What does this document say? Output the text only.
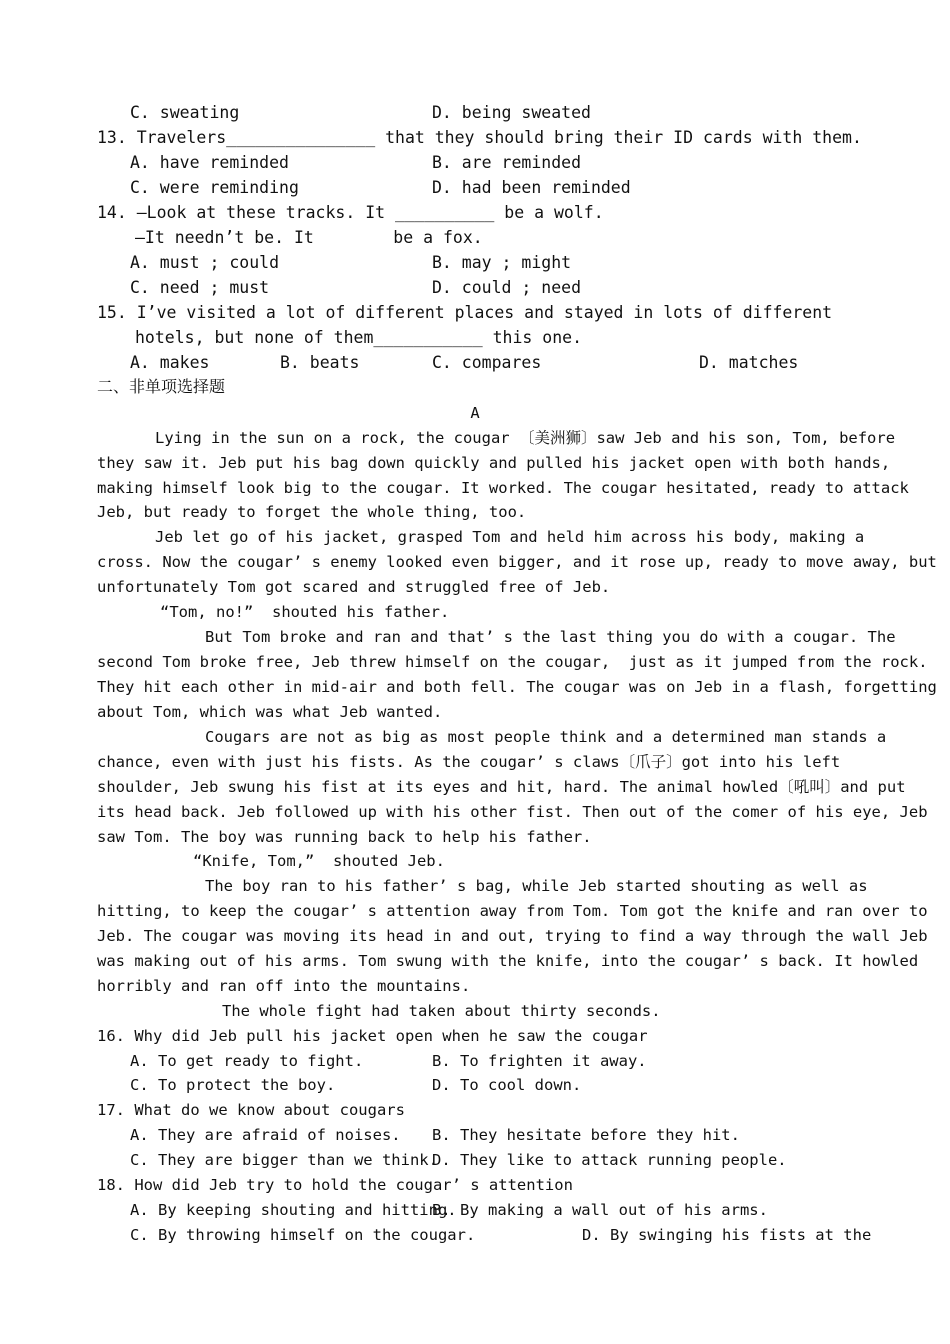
C. sweating	D. being sweated
13. Travelers_______________ that they should bring their ID cards with them.
A. have reminded	B. are reminded
C. were reminding	D. had been reminded
14. —Look at these tracks. It __________ be a wolf.
—It needn’t be. It        be a fox.
A. must ; could	B. may ; might
C. need ; must	D. could ; need
15. I’ve visited a lot of different places and stayed in lots of different
hotels, but none of them___________ this one.
A. makes	B. beats	C. compares	D. matches
二、非单项选择题
A
Lying in the sun on a rock, the cougar 〔美洲狮〕saw Jeb and his son, Tom, before
they saw it. Jeb put his bag down quickly and pulled his jacket open with both hands,
making himself look big to the cougar. It worked. The cougar hesitated, ready to attack
Jeb, but ready to forget the whole thing, too.
Jeb let go of his jacket, grasped Tom and held him across his body, making a
cross. Now the cougar’ s enemy looked even bigger, and it rose up, ready to move away, but
unfortunately Tom got scared and struggled free of Jeb.
“Tom, no!”  shouted his father.
But Tom broke and ran and that’ s the last thing you do with a cougar. The
second Tom broke free, Jeb threw himself on the cougar,  just as it jumped from the rock.
They hit each other in mid-air and both fell. The cougar was on Jeb in a flash, forgetting
about Tom, which was what Jeb wanted.
Cougars are not as big as most people think and a determined man stands a
chance, even with just his fists. As the cougar’ s claws〔爪子〕got into his left
shoulder, Jeb swung his fist at its eyes and hit, hard. The animal howled〔吼叫〕and put
its head back. Jeb followed up with his other fist. Then out of the comer of his eye, Jeb
saw Tom. The boy was running back to help his father.
“Knife, Tom,”  shouted Jeb.
The boy ran to his father’ s bag, while Jeb started shouting as well as
hitting, to keep the cougar’ s attention away from Tom. Tom got the knife and ran over to
Jeb. The cougar was moving its head in and out, trying to find a way through the wall Jeb
was making out of his arms. Tom swung with the knife, into the cougar’ s back. It howled
horribly and ran off into the mountains.
The whole fight had taken about thirty seconds.
16. Why did Jeb pull his jacket open when he saw the cougar
A. To get ready to fight.	B. To frighten it away.
C. To protect the boy.	D. To cool down.
17. What do we know about cougars
A. They are afraid of noises. B. They hesitate before they hit.
C. They are bigger than we think.
D. They like to attack running people.
18. How did Jeb try to hold the cougar’ s attention
A. By keeping shouting and hitting.
B. By making a wall out of his arms.
C. By throwing himself on the cougar.	D. By swinging his fists at the
